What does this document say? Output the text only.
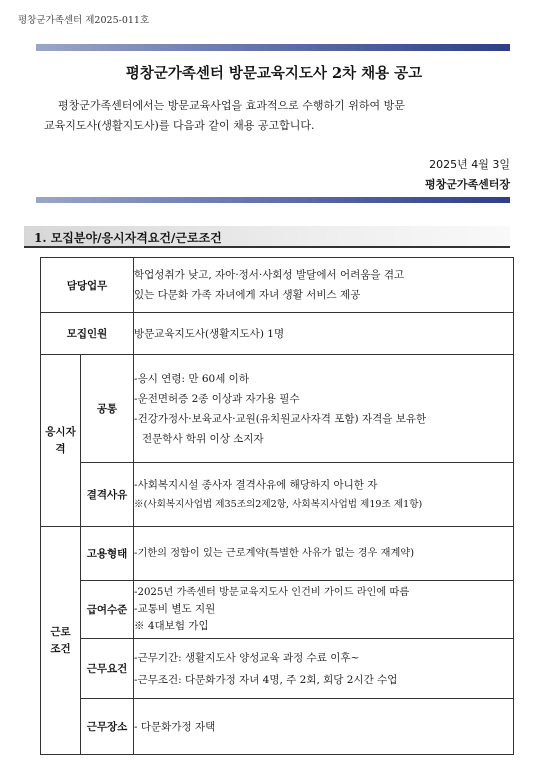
평창군가족센터 제2025-011호
평창군가족센터 방문교육지도사 2차 채용 공고

평창군가족센터에서는 방문교육사업을 효과적으로 수행하기 위하여 방문

교육지도사(생활지도사)를 다음과 같이 채용 공고합니다.

2025년 4월 3일
평창군가족센터장
1. 모집분야/응시자격요건/근로조건
담당업무		학업성취가 낮고, 자아·정서·사회성 발달에서 어려움을 겪고
있는 다문화 가족 자녀에게 자녀 생활 서비스 제공

모집인원		방문교육지도사(생활지도사) 1명
응시자
격	공통	-응시 연령: 만 60세 이하
-운전면허증 2종 이상과 자가용 필수
-건강가정사·보육교사·교원(유치원교사자격 포함) 자격을 보유한
전문학사 학위 이상 소지자

	결격사유	-사회복지시설 종사자 결격사유에 해당하지 아니한 자
※(사회복지사업법 제35조의2제2항, 사회복지사업법 제19조 제1항)

근로
조건	고용형태	-기한의 정함이 있는 근로계약(특별한 사유가 없는 경우 재계약)
	급여수준	-2025년 가족센터 방문교육지도사 인건비 가이드 라인에 따름
-교통비 별도 지원
※ 4대보험 가입

	근무요건	-근무기간: 생활지도사 양성교육 과정 수료 이후~
-근무조건: 다문화가정 자녀 4명, 주 2회, 회당 2시간 수업

	근무장소	- 다문화가정 자택
